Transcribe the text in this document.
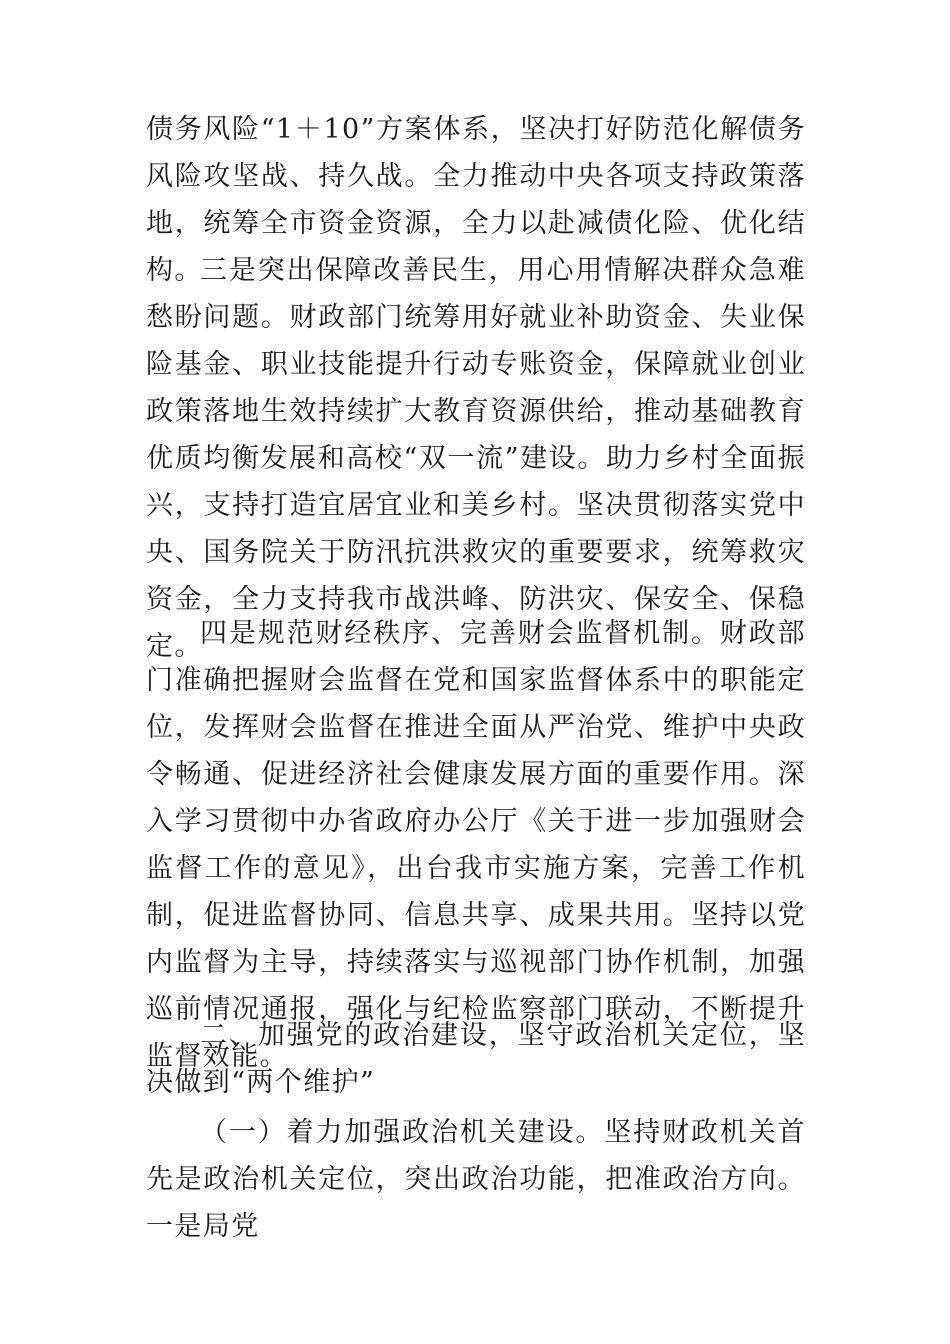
债务风险“1＋10”方案体系，坚决打好防范化解债务风险攻坚战、持久战。全力推动中央各项支持政策落地，统筹全市资金资源，全力以赴减债化险、优化结构。

三是突出保障改善民生，用心用情解决群众急难愁盼问题。财政部门统筹用好就业补助资金、失业保险基金、职业技能提升行动专账资金，保障就业创业政策落地生效持续扩大教育资源供给，推动基础教育优质均衡发展和高校“双一流”建设。助力乡村全面振兴，支持打造宜居宜业和美乡村。坚决贯彻落实党中央、国务院关于防汛抗洪救灾的重要要求，统筹救灾资金，全力支持我市战洪峰、防洪灾、保安全、保稳定。

四是规范财经秩序、完善财会监督机制。财政部门准确把握财会监督在党和国家监督体系中的职能定位，发挥财会监督在推进全面从严治党、维护中央政令畅通、促进经济社会健康发展方面的重要作用。深入学习贯彻中办省政府办公厅《关于进一步加强财会监督工作的意见》，出台我市实施方案，完善工作机制，促进监督协同、信息共享、成果共用。坚持以党内监督为主导，持续落实与巡视部门协作机制，加强巡前情况通报，强化与纪检监察部门联动，不断提升监督效能。

二、加强党的政治建设，坚守政治机关定位，坚决做到“两个维护”

（一）着力加强政治机关建设。坚持财政机关首先是政治机关定位，突出政治功能，把准政治方向。一是局党
